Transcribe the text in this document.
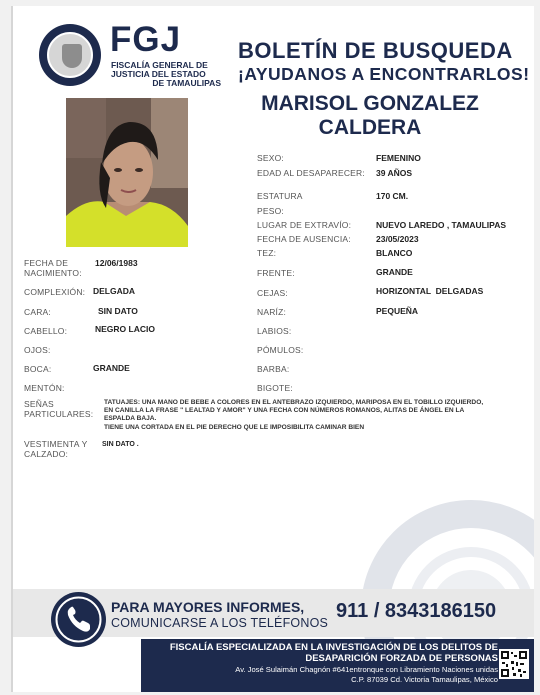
FGJ
FISCALÍA GENERAL DE
JUSTICIA DEL ESTADO
DE TAMAULIPAS
BOLETÍN DE BUSQUEDA
¡AYUDANOS A ENCONTRARLOS!
MARISOL GONZALEZ
CALDERA
SEXO:	FEMENINO
EDAD AL DESAPARECER: 39 AÑOS
ESTATURA	170 CM.
PESO:
LUGAR DE EXTRAVÍO:	NUEVO LAREDO , TAMAULIPAS
FECHA DE AUSENCIA:	23/05/2023
TEZ:	BLANCO
FRENTE:	GRANDE
CEJAS:	HORIZONTAL  DELGADAS
NARÍZ:	PEQUEÑA
LABIOS:
PÓMULOS:
BARBA:
BIGOTE:
FECHA DE
NACIMIENTO:
12/06/1983
COMPLEXIÓN: DELGADA
CARA:	SIN DATO
CABELLO:	NEGRO LACIO
OJOS:
BOCA:	GRANDE
MENTÓN:
SEÑAS
PARTICULARES:
TATUAJES: UNA MANO DE BEBE A COLORES EN EL ANTEBRAZO IZQUIERDO, MARIPOSA EN EL TOBILLO IZQUIERDO,
EN CANILLA LA FRASE " LEALTAD Y AMOR" Y UNA FECHA CON NÚMEROS ROMANOS, ALITAS DE ÁNGEL EN LA
ESPALDA BAJA.
TIENE UNA CORTADA EN EL PIE DERECHO QUE LE IMPOSIBILITA CAMINAR BIEN
VESTIMENTA Y
CALZADO:
SIN DATO .
PARA MAYORES INFORMES,
COMUNICARSE A LOS TELÉFONOS
911 / 8343186150
FISCALÍA ESPECIALIZADA EN LA INVESTIGACIÓN DE LOS DELITOS DE
DESAPARICIÓN FORZADA DE PERSONAS
Av. José Sulaimán Chagnón #641entronque con Libramiento Naciones unidas
C.P. 87039 Cd. Victoria Tamaulipas, México
